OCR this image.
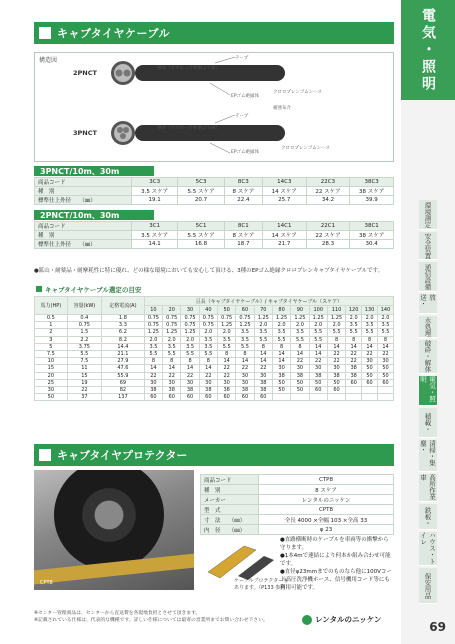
キャブタイヤケーブル	電気・照明
環境測定
安全装置
通信設備
放送・
水処理
破砕・解体
電気・照明
積載・
清掃・集塵・
高所作業車
鉄板・
ハウス・トイレ
保安用品
69
構造図
2PNCT
3PNCT
テープ
導体（すずめっき軟銅より線）
EPゴム絶縁体
クロロプレンゴムシース
補強布介
テープ
導体（すずめっき軟銅より線）
EPゴム絶縁体
クロロプレンゴムシース
3PNCT/10m、30m
商品コード	3C3	5C3	8C3	14C3	22C3	38C3
種　別	3.5 スケア	5.5 スケア	8 スケア	14 スケア	22 スケア	38 スケア
標準仕上外径　　（㎜）	19.1	20.7	22.4	25.7	34.2	39.9
2PNCT/10m、30m
商品コード	3C1	5C1	8C1	14C1	22C1	38C1
種　別	3.5 スケア	5.5 スケア	8 スケア	14 スケア	22 スケア	38 スケア
標準仕上外径　　（㎜）	14.1	16.8	18.7	21.7	28.3	30.4
●鉱山・耐薬品・耐摩耗性に特に優れ、どの様な環境においても安心して頂ける、3種のEPゴム絶縁クロロプレンキャブタイヤケーブルです。
キャブタイヤケーブル選定の目安
馬力(HP)	容量(kW)	定格電流(A)	亘長（キャブタイヤケーブル）/ キャブタイヤケーブル（スケア）													
			10	20	30	40	50	60	70	80	90	100	110	120	130	140
0.5	0.4	1.8	0.75	0.75	0.75	0.75	0.75	0.75	1.25	1.25	1.25	1.25	1.25	2.0	2.0	2.0
1	0.75	3.3	0.75	0.75	0.75	0.75	1.25	1.25	2.0	2.0	2.0	2.0	2.0	3.5	3.5	3.5
2	1.5	6.2	1.25	1.25	1.25	2.0	2.0	3.5	3.5	3.5	3.5	5.5	5.5	5.5	5.5	5.5
3	2.2	8.2	2.0	2.0	2.0	3.5	3.5	3.5	5.5	5.5	5.5	5.5	8	8	8	8
5	3.75	14.4	3.5	3.5	3.5	3.5	5.5	5.5	8	8	8	14	14	14	14	14
7.5	5.5	21.1	5.5	5.5	5.5	5.5	8	8	14	14	14	14	22	22	22	22
10	7.5	27.9	8	8	8	8	14	14	14	14	22	22	22	22	30	30
15	11	47.6	14	14	14	14	22	22	22	30	30	30	30	38	50	50
20	15	55.9	22	22	22	22	22	30	30	38	38	38	38	38	50	50
25	19	69	30	30	30	30	30	30	38	50	50	50	50	60	60	60
30	22	82	38	38	38	38	38	38	38	50	50	60	60			
50	37	137	60	60	60	60	60	60	60							
キャブタイヤプロテクター
CPT8
商品コード	CTP8
種　別	8 スケア
メーカー	レンタルのニッケン
型　式	CPT8
寸　法　　（㎜）	全長 4000 ×全幅 103 ×全高 33
内　径　　（㎜）	φ 23
ケーブルプロテクターも
あります。（P133 参照）
●直路横断時のケーブルを車両等の衝撃から守ります。
●1本4mで連結により何本か組み合わせ可能です。
●直径φ23mmまでのものなら他に100Vコード高圧洗浄機ホース、信号機用コード等にも利用可能です。
※センター管理商品は、センターから直送費を各現地負担とさせて頂きます。
※記載されている仕様は、代表的な機種です。詳しい仕様については最寄の営業所までお問い合わせ下さい。	レンタルのニッケン
